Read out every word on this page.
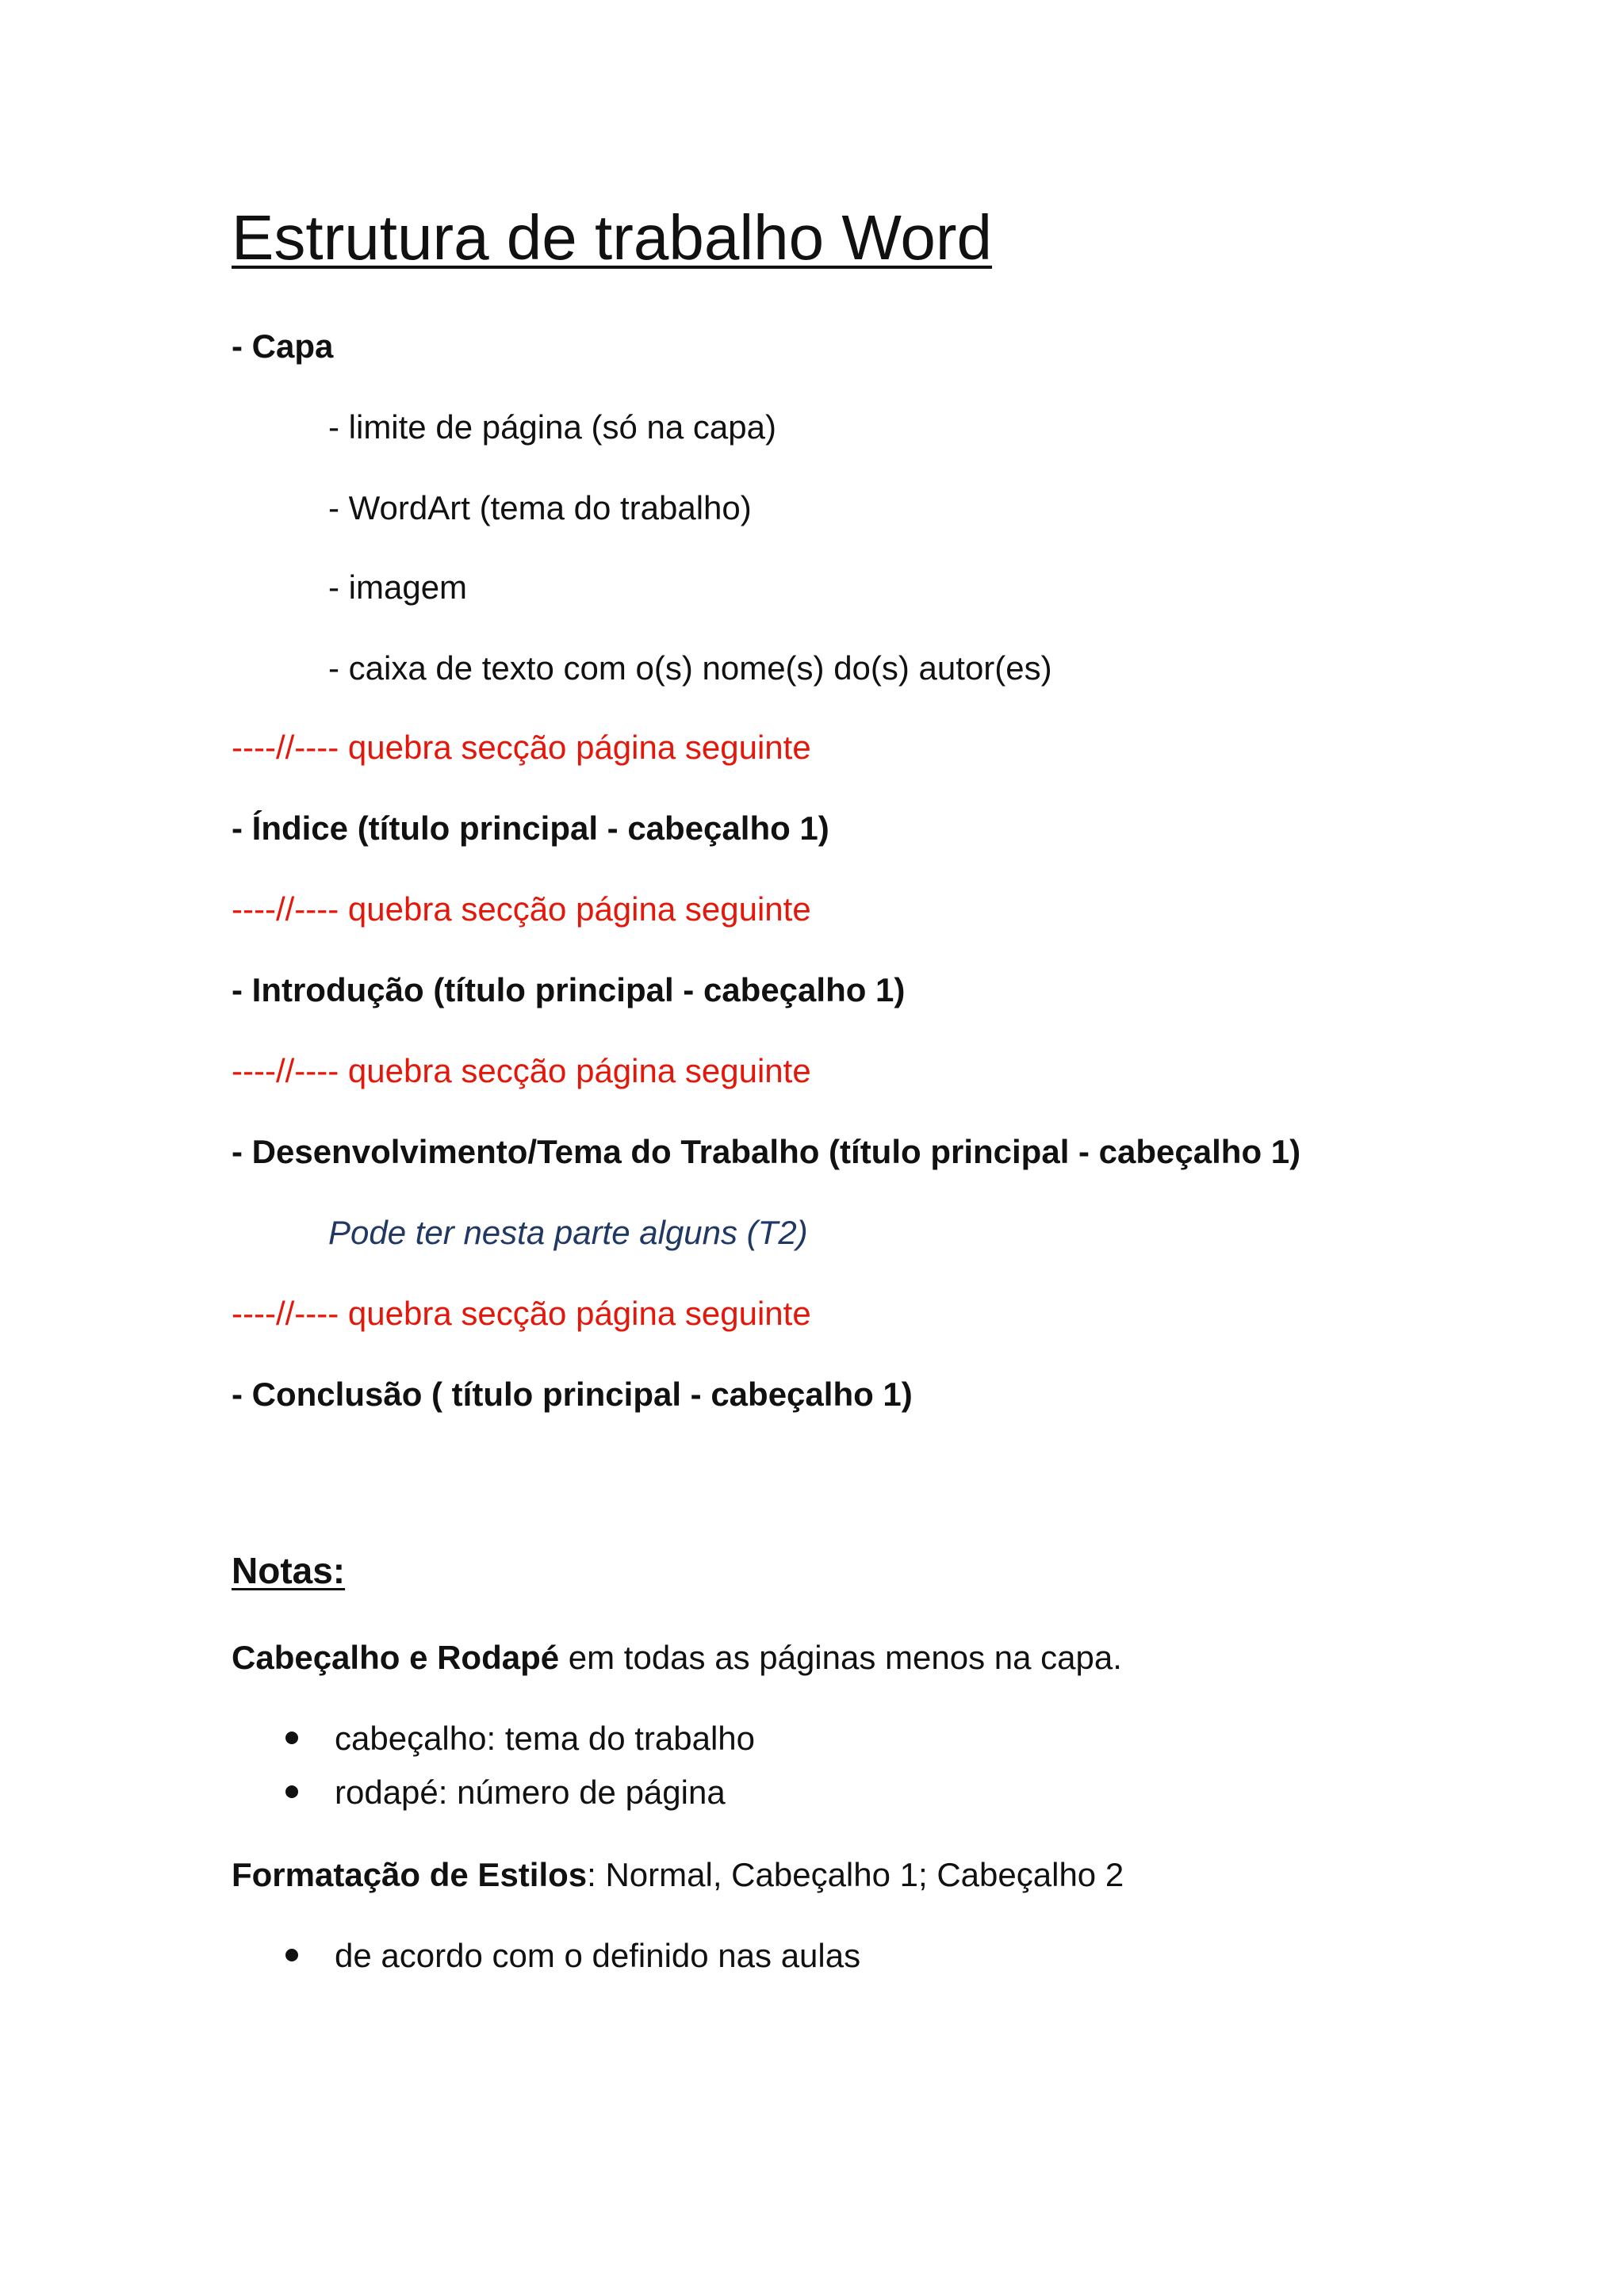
Estrutura de trabalho Word
- Capa
- limite de página (só na capa)
- WordArt (tema do trabalho)
- imagem
- caixa de texto com o(s) nome(s) do(s) autor(es)
----//---- quebra secção página seguinte
- Índice (título principal - cabeçalho 1)
----//---- quebra secção página seguinte
- Introdução (título principal - cabeçalho 1)
----//---- quebra secção página seguinte
- Desenvolvimento/Tema do Trabalho (título principal - cabeçalho 1)
Pode ter nesta parte alguns (T2)
----//---- quebra secção página seguinte
- Conclusão ( título principal - cabeçalho 1)
Notas:
Cabeçalho e Rodapé em todas as páginas menos na capa.
cabeçalho: tema do trabalho
rodapé: número de página
Formatação de Estilos: Normal, Cabeçalho 1; Cabeçalho 2
de acordo com o definido nas aulas
